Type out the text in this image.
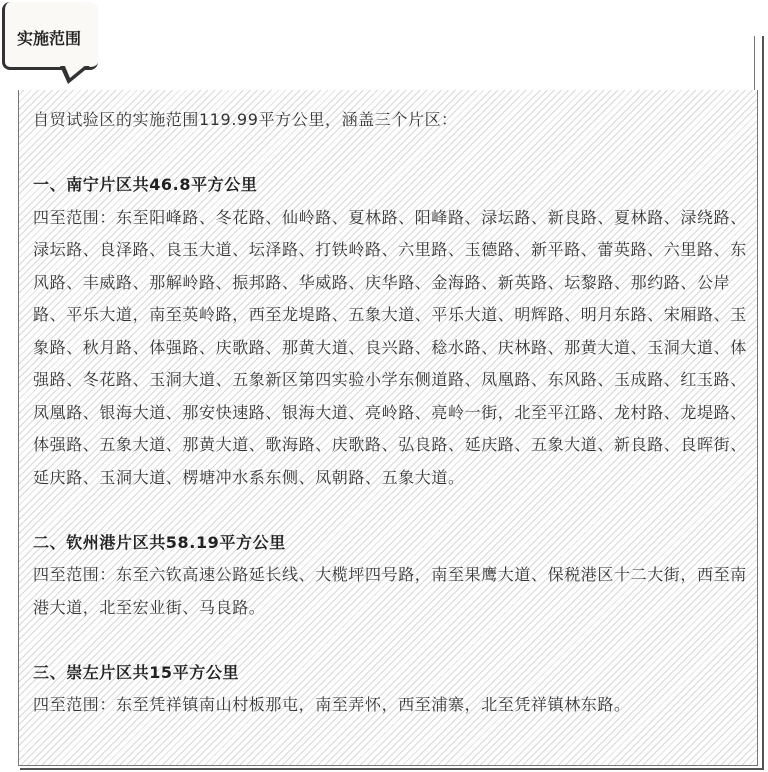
自贸试验区的实施范围119.99平方公里，涵盖三个片区：

一、南宁片区共46.8平方公里

四至范围：东至阳峰路、冬花路、仙岭路、夏林路、阳峰路、渌坛路、新良路、夏林路、渌绕路、渌坛路、良泽路、良玉大道、坛泽路、打铁岭路、六里路、玉德路、新平路、蕾英路、六里路、东风路、丰威路、那解岭路、振邦路、华威路、庆华路、金海路、新英路、坛黎路、那约路、公岸路、平乐大道，南至英岭路，西至龙堤路、五象大道、平乐大道、明辉路、明月东路、宋厢路、玉象路、秋月路、体强路、庆歌路、那黄大道、良兴路、稔水路、庆林路、那黄大道、玉洞大道、体强路、冬花路、玉洞大道、五象新区第四实验小学东侧道路、凤凰路、东风路、玉成路、红玉路、凤凰路、银海大道、那安快速路、银海大道、亮岭路、亮岭一街，北至平江路、龙村路、龙堤路、体强路、五象大道、那黄大道、歌海路、庆歌路、弘良路、延庆路、五象大道、新良路、良晖街、延庆路、玉洞大道、楞塘冲水系东侧、凤朝路、五象大道。

二、钦州港片区共58.19平方公里

四至范围：东至六钦高速公路延长线、大榄坪四号路，南至果鹰大道、保税港区十二大街，西至南港大道，北至宏业街、马良路。

三、崇左片区共15平方公里

四至范围：东至凭祥镇南山村板那屯，南至弄怀，西至浦寨，北至凭祥镇林东路。

实施范围
